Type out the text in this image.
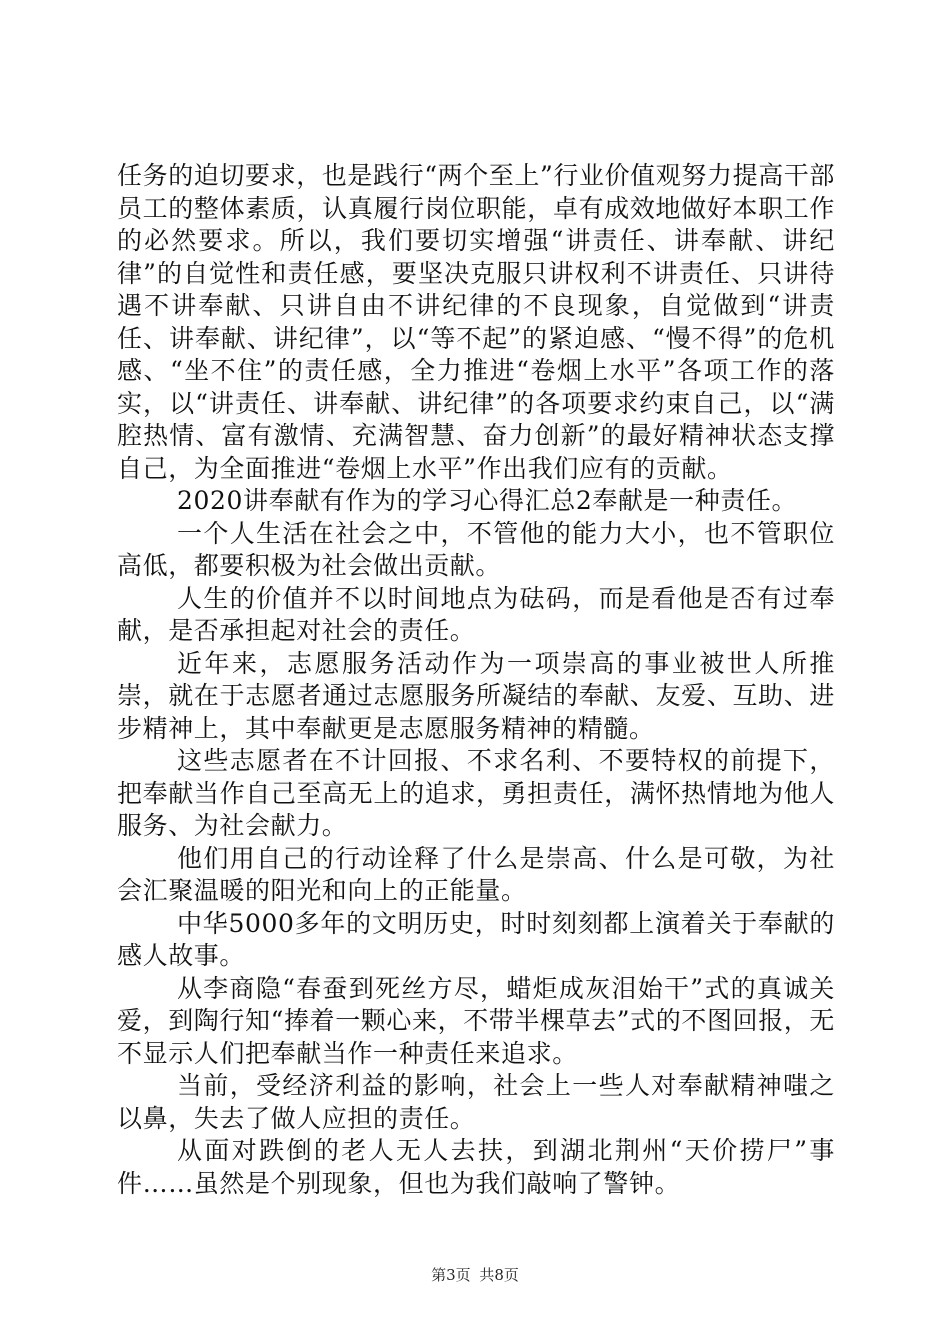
任务的迫切要求，也是践行“两个至上”行业价值观努力提高干部员工的整体素质，认真履行岗位职能，卓有成效地做好本职工作的必然要求。所以，我们要切实增强“讲责任、讲奉献、讲纪律”的自觉性和责任感，要坚决克服只讲权利不讲责任、只讲待遇不讲奉献、只讲自由不讲纪律的不良现象，自觉做到“讲责任、讲奉献、讲纪律”，以“等不起”的紧迫感、“慢不得”的危机感、“坐不住”的责任感，全力推进“卷烟上水平”各项工作的落实，以“讲责任、讲奉献、讲纪律”的各项要求约束自己，以“满腔热情、富有激情、充满智慧、奋力创新”的最好精神状态支撑自己，为全面推进“卷烟上水平”作出我们应有的贡献。

2020讲奉献有作为的学习心得汇总2奉献是一种责任。

一个人生活在社会之中，不管他的能力大小，也不管职位高低，都要积极为社会做出贡献。

人生的价值并不以时间地点为砝码，而是看他是否有过奉献，是否承担起对社会的责任。

近年来，志愿服务活动作为一项崇高的事业被世人所推崇，就在于志愿者通过志愿服务所凝结的奉献、友爱、互助、进步精神上，其中奉献更是志愿服务精神的精髓。

这些志愿者在不计回报、不求名利、不要特权的前提下，把奉献当作自己至高无上的追求，勇担责任，满怀热情地为他人服务、为社会献力。

他们用自己的行动诠释了什么是崇高、什么是可敬，为社会汇聚温暖的阳光和向上的正能量。

中华5000多年的文明历史，时时刻刻都上演着关于奉献的感人故事。

从李商隐“春蚕到死丝方尽，蜡炬成灰泪始干”式的真诚关爱，到陶行知“捧着一颗心来，不带半棵草去”式的不图回报，无不显示人们把奉献当作一种责任来追求。

当前，受经济利益的影响，社会上一些人对奉献精神嗤之以鼻，失去了做人应担的责任。

从面对跌倒的老人无人去扶，到湖北荆州“天价捞尸”事件……虽然是个别现象，但也为我们敲响了警钟。

第3页 共8页
